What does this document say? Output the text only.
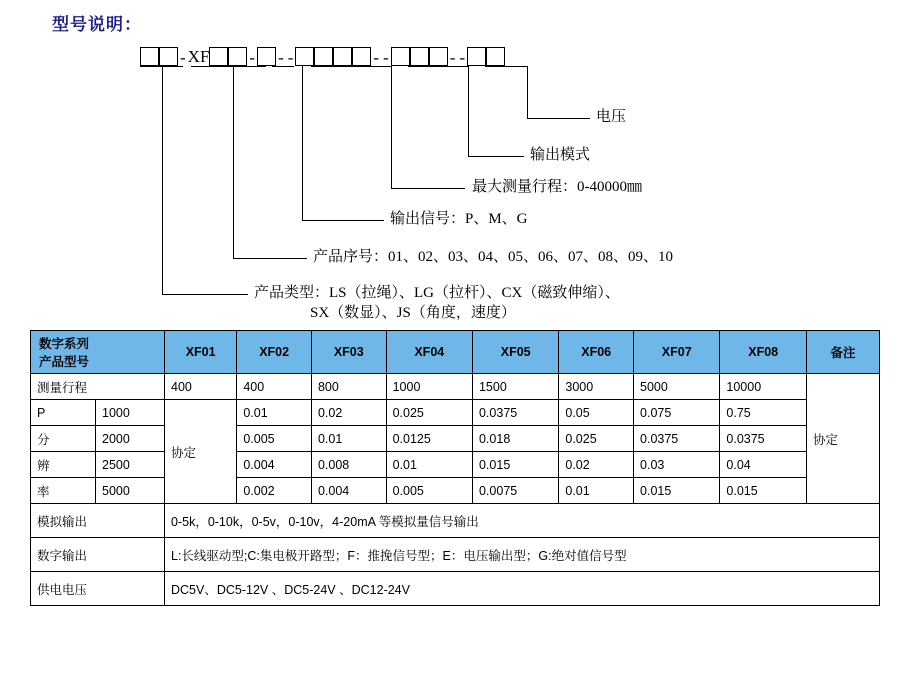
型号说明：
- XF - - -	- -	- -
电压
输出模式
最大测量行程：0-40000㎜
输出信号：P、M、G
产品序号：01、02、03、04、05、06、07、08、09、10
产品类型：LS（拉绳）、LG（拉杆）、CX（磁致伸缩）、
SX（数显）、JS（角度，速度）
数字系列
产品型号		XF01	XF02	XF03	XF04	XF05	XF06	XF07	XF08	备注
测量行程		400	400	800	1000	1500	3000	5000	10000	协定
P	1000	协定	0.01	0.02	0.025	0.0375	0.05	0.075	0.75	
分	2000		0.005	0.01	0.0125	0.018	0.025	0.0375	0.0375	
辨	2500		0.004	0.008	0.01	0.015	0.02	0.03	0.04	
率	5000		0.002	0.004	0.005	0.0075	0.01	0.015	0.015	
模拟输出		0-5k，0-10k，0-5v，0-10v，4-20mA 等模拟量信号输出								
数字输出		L:长线驱动型;C:集电极开路型；F：推挽信号型；E：电压输出型；G:绝对值信号型								
供电电压		DC5V、DC5-12V 、DC5-24V 、DC12-24V								
